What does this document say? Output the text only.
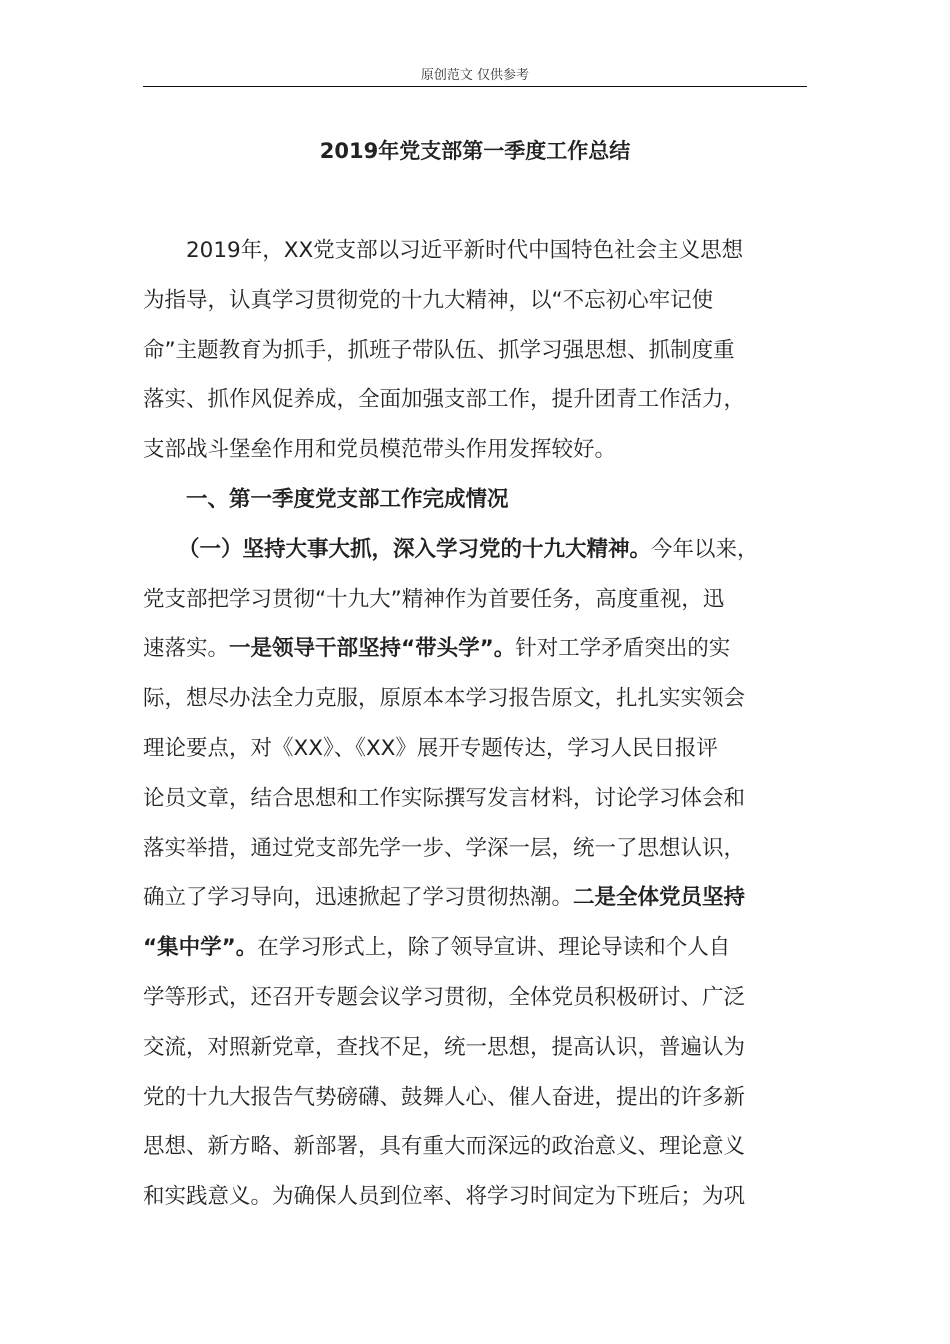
原创范文 仅供参考
2019年党支部第一季度工作总结
2019年，XX党支部以习近平新时代中国特色社会主义思想
为指导，认真学习贯彻党的十九大精神，以“不忘初心牢记使
命”主题教育为抓手，抓班子带队伍、抓学习强思想、抓制度重
落实、抓作风促养成，全面加强支部工作，提升团青工作活力，
支部战斗堡垒作用和党员模范带头作用发挥较好。
一、第一季度党支部工作完成情况
（一）坚持大事大抓，深入学习党的十九大精神。今年以来，
党支部把学习贯彻“十九大”精神作为首要任务，高度重视，迅
速落实。一是领导干部坚持“带头学”。针对工学矛盾突出的实
际，想尽办法全力克服，原原本本学习报告原文，扎扎实实领会
理论要点，对《XX》、《XX》展开专题传达，学习人民日报评
论员文章，结合思想和工作实际撰写发言材料，讨论学习体会和
落实举措，通过党支部先学一步、学深一层，统一了思想认识，
确立了学习导向，迅速掀起了学习贯彻热潮。二是全体党员坚持
“集中学”。在学习形式上，除了领导宣讲、理论导读和个人自
学等形式，还召开专题会议学习贯彻，全体党员积极研讨、广泛
交流，对照新党章，查找不足，统一思想，提高认识，普遍认为
党的十九大报告气势磅礴、鼓舞人心、催人奋进，提出的许多新
思想、新方略、新部署，具有重大而深远的政治意义、理论意义
和实践意义。为确保人员到位率、将学习时间定为下班后；为巩
